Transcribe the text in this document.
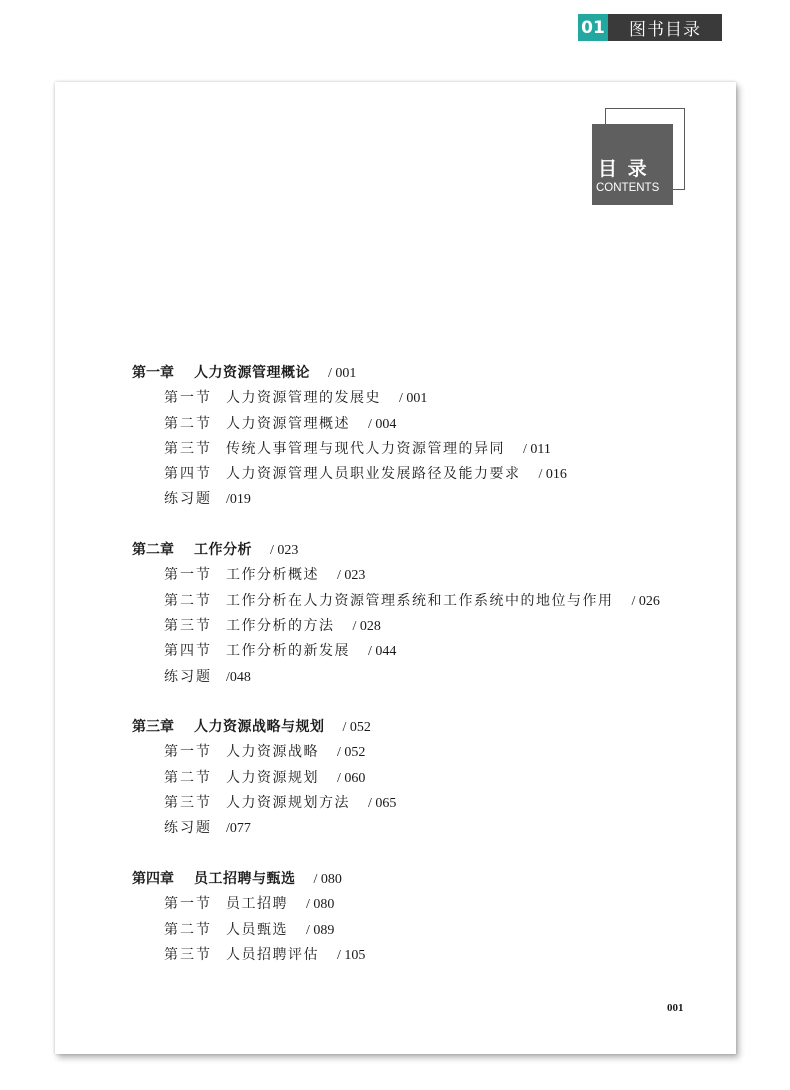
01	图书目录
目 录
CONTENTS
第一章 人力资源管理概论 / 001
第一节 人力资源管理的发展史 / 001
第二节 人力资源管理概述 / 004
第三节 传统人事管理与现代人力资源管理的异同 / 011
第四节 人力资源管理人员职业发展路径及能力要求 / 016
练习题 /019
第二章 工作分析 / 023
第一节 工作分析概述 / 023
第二节 工作分析在人力资源管理系统和工作系统中的地位与作用 / 026
第三节 工作分析的方法 / 028
第四节 工作分析的新发展 / 044
练习题 /048
第三章 人力资源战略与规划 / 052
第一节 人力资源战略 / 052
第二节 人力资源规划 / 060
第三节 人力资源规划方法 / 065
练习题 /077
第四章 员工招聘与甄选 / 080
第一节 员工招聘 / 080
第二节 人员甄选 / 089
第三节 人员招聘评估 / 105
001
